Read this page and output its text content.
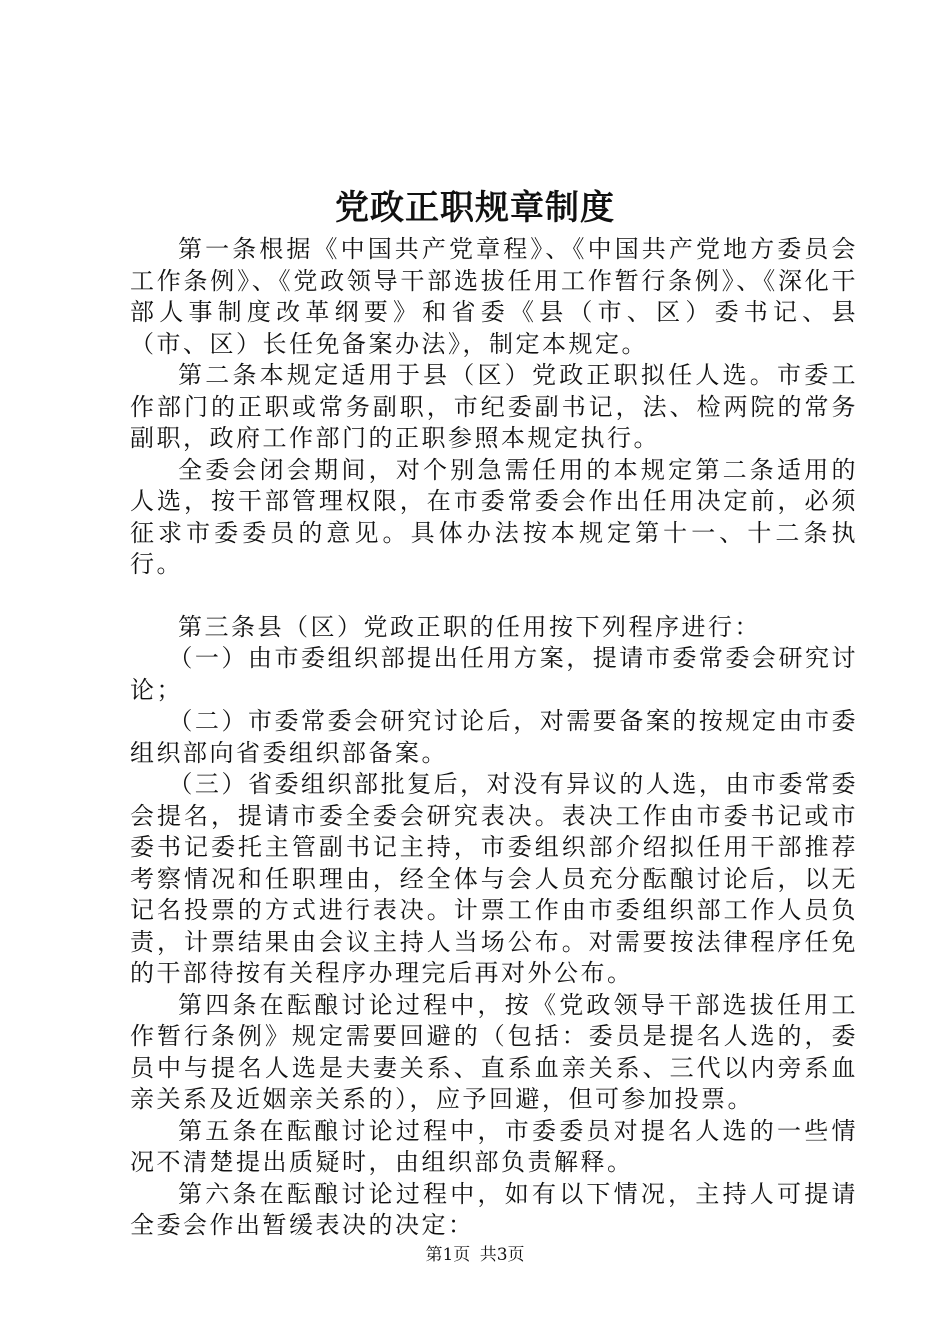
党政正职规章制度

第一条根据《中国共产党章程》、《中国共产党地方委员会工作条例》、《党政领导干部选拔任用工作暂行条例》、《深化干部人事制度改革纲要》和省委《县（市、区）委书记、县（市、区）长任免备案办法》，制定本规定。

第二条本规定适用于县（区）党政正职拟任人选。市委工作部门的正职或常务副职，市纪委副书记，法、检两院的常务副职，政府工作部门的正职参照本规定执行。

全委会闭会期间，对个别急需任用的本规定第二条适用的人选，按干部管理权限，在市委常委会作出任用决定前，必须征求市委委员的意见。具体办法按本规定第十一、十二条执行。

第三条县（区）党政正职的任用按下列程序进行：

（一）由市委组织部提出任用方案，提请市委常委会研究讨论；

（二）市委常委会研究讨论后，对需要备案的按规定由市委组织部向省委组织部备案。

（三）省委组织部批复后，对没有异议的人选，由市委常委会提名，提请市委全委会研究表决。表决工作由市委书记或市委书记委托主管副书记主持，市委组织部介绍拟任用干部推荐考察情况和任职理由，经全体与会人员充分酝酿讨论后，以无记名投票的方式进行表决。计票工作由市委组织部工作人员负责，计票结果由会议主持人当场公布。对需要按法律程序任免的干部待按有关程序办理完后再对外公布。

第四条在酝酿讨论过程中，按《党政领导干部选拔任用工作暂行条例》规定需要回避的（包括：委员是提名人选的，委员中与提名人选是夫妻关系、直系血亲关系、三代以内旁系血亲关系及近姻亲关系的），应予回避，但可参加投票。

第五条在酝酿讨论过程中，市委委员对提名人选的一些情况不清楚提出质疑时，由组织部负责解释。

第六条在酝酿讨论过程中，如有以下情况，主持人可提请全委会作出暂缓表决的决定：

第1页 共3页
